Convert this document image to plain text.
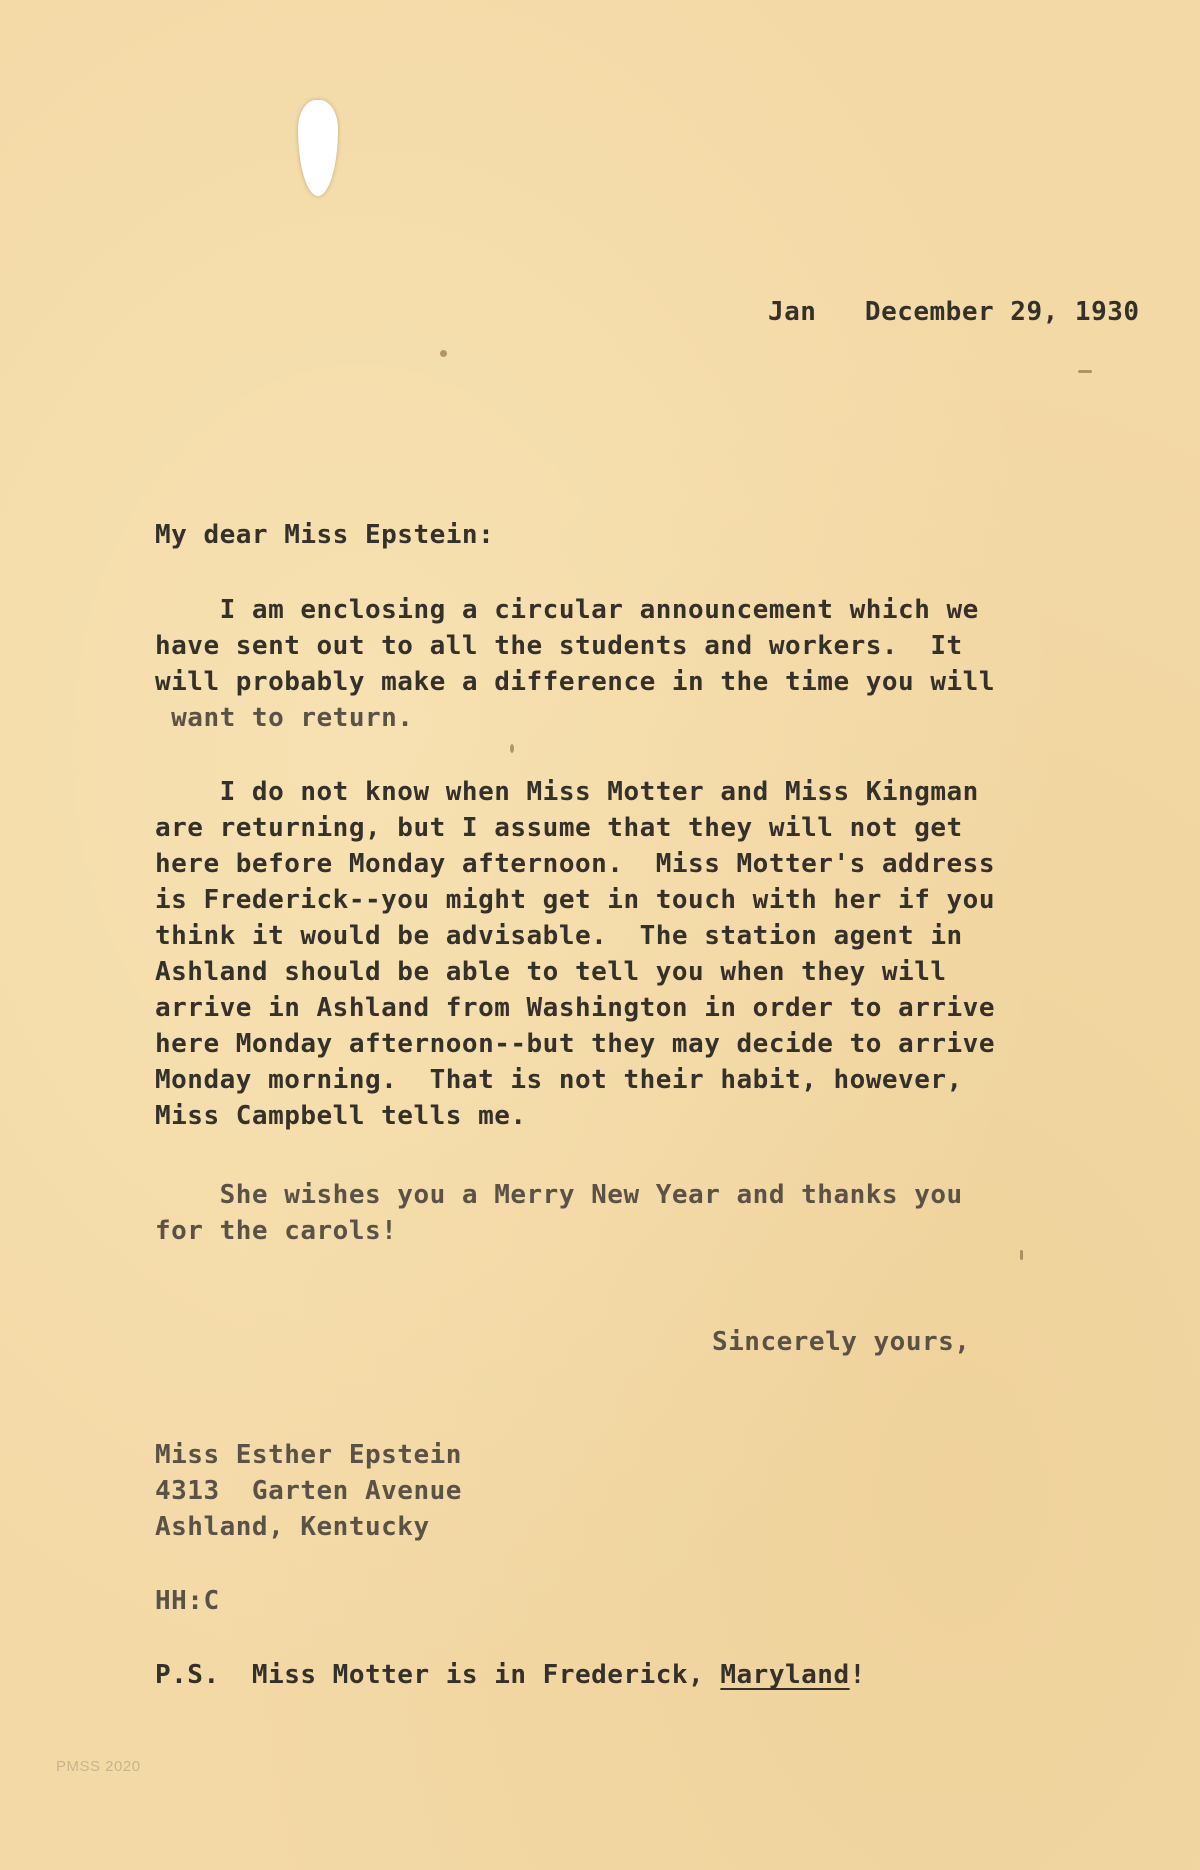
Jan   December 29, 1930
My dear Miss Epstein:
I am enclosing a circular announcement which we
have sent out to all the students and workers.  It
will probably make a difference in the time you will
want to return.
I do not know when Miss Motter and Miss Kingman
are returning, but I assume that they will not get
here before Monday afternoon.  Miss Motter's address
is Frederick--you might get in touch with her if you
think it would be advisable.  The station agent in
Ashland should be able to tell you when they will
arrive in Ashland from Washington in order to arrive
here Monday afternoon--but they may decide to arrive
Monday morning.  That is not their habit, however,
Miss Campbell tells me.
She wishes you a Merry New Year and thanks you
for the carols!
Sincerely yours,
Miss Esther Epstein
4313  Garten Avenue
Ashland, Kentucky
HH:C
P.S.  Miss Motter is in Frederick, Maryland!
PMSS 2020
